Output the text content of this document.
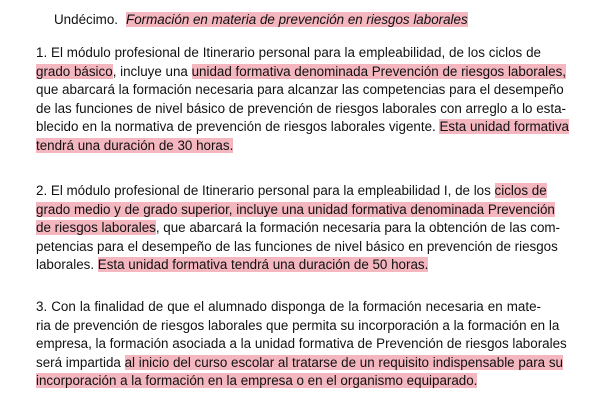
Undécimo. Formación en materia de prevención en riesgos laborales
1. El módulo profesional de Itinerario personal para la empleabilidad, de los ciclos de
grado básico, incluye una unidad formativa denominada Prevención de riesgos laborales,
que abarcará la formación necesaria para alcanzar las competencias para el desempeño
de las funciones de nivel básico de prevención de riesgos laborales con arreglo a lo esta-
blecido en la normativa de prevención de riesgos laborales vigente. Esta unidad formativa
tendrá una duración de 30 horas.
2. El módulo profesional de Itinerario personal para la empleabilidad I, de los ciclos de
grado medio y de grado superior, incluye una unidad formativa denominada Prevención
de riesgos laborales, que abarcará la formación necesaria para la obtención de las com-
petencias para el desempeño de las funciones de nivel básico en prevención de riesgos
laborales. Esta unidad formativa tendrá una duración de 50 horas.
3. Con la finalidad de que el alumnado disponga de la formación necesaria en mate-
ria de prevención de riesgos laborales que permita su incorporación a la formación en la
empresa, la formación asociada a la unidad formativa de Prevención de riesgos laborales
será impartida al inicio del curso escolar al tratarse de un requisito indispensable para su
incorporación a la formación en la empresa o en el organismo equiparado.
